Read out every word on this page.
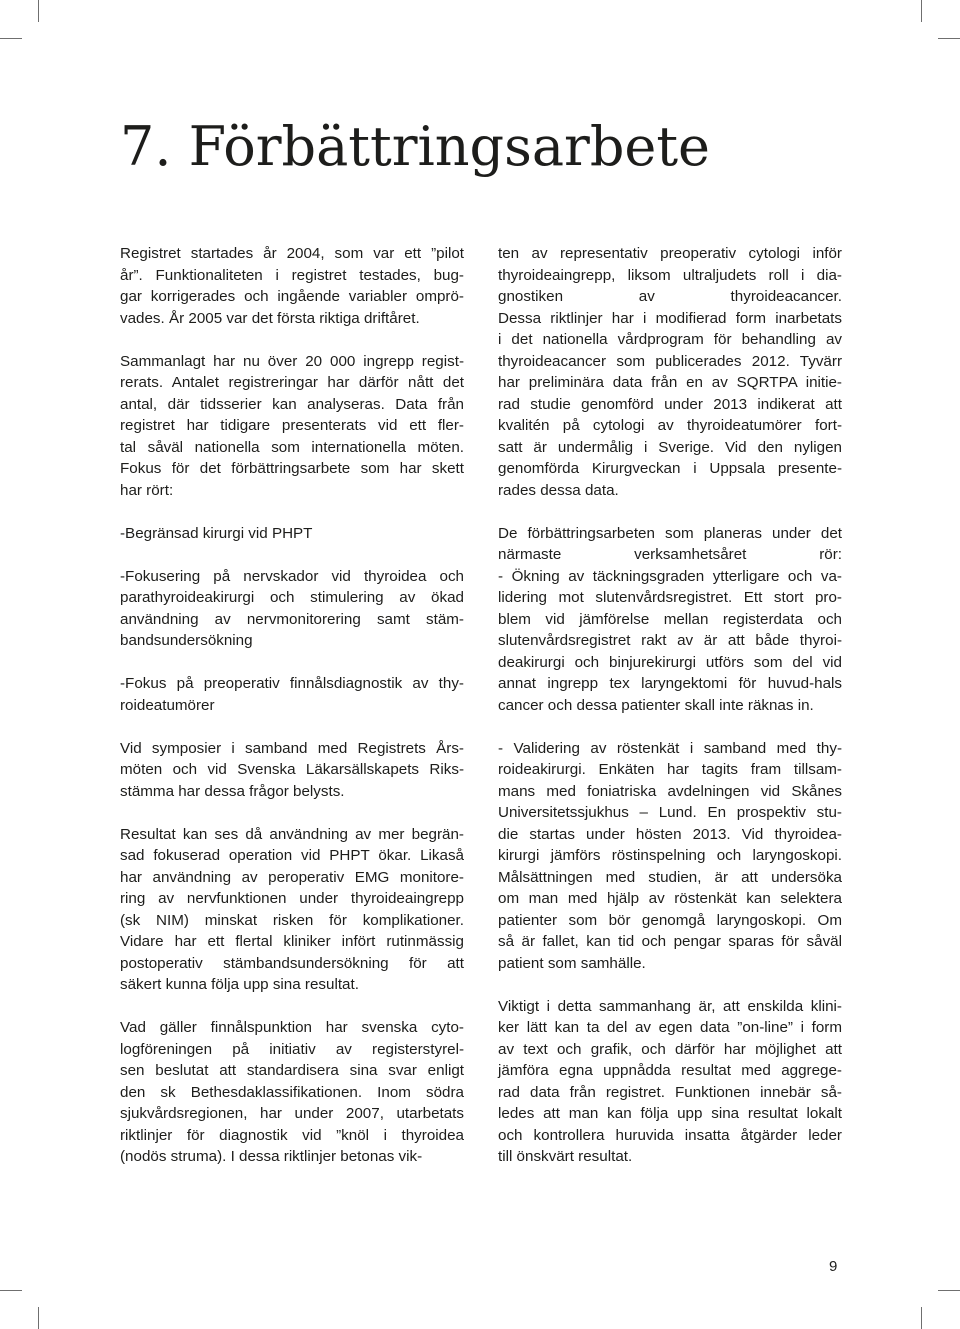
7. Förbättringsarbete

Registret startades år 2004, som var ett ”pilot
år”. Funktionaliteten i registret testades, bug-
gar korrigerades och ingående variabler omprö-
vades. År 2005 var det första riktiga driftåret.

Sammanlagt har nu över 20 000 ingrepp regist-
rerats. Antalet registreringar har därför nått det
antal, där tidsserier kan analyseras. Data från
registret har tidigare presenterats vid ett fler-
tal såväl nationella som internationella möten.
Fokus för det förbättringsarbete som har skett
har rört:

-Begränsad kirurgi vid PHPT

-Fokusering på nervskador vid thyroidea och
parathyroideakirurgi och stimulering av ökad
användning av nervmonitorering samt stäm-
bandsundersökning

-Fokus på preoperativ finnålsdiagnostik av thy-
roideatumörer

Vid symposier i samband med Registrets Års-
möten och vid Svenska Läkarsällskapets Riks-
stämma har dessa frågor belysts.

Resultat kan ses då användning av mer begrän-
sad fokuserad operation vid PHPT ökar. Likaså
har användning av peroperativ EMG monitore-
ring av nervfunktionen under thyroideaingrepp
(sk NIM) minskat risken för komplikationer.
Vidare har ett flertal kliniker infört rutinmässig
postoperativ stämbandsundersökning för att
säkert kunna följa upp sina resultat.

Vad gäller finnålspunktion har svenska cyto-
logföreningen på initiativ av registerstyrel-
sen beslutat att standardisera sina svar enligt
den sk Bethesdaklassifikationen. Inom södra
sjukvårdsregionen, har under 2007, utarbetats
riktlinjer för diagnostik vid ”knöl i thyroidea
(nodös struma). I dessa riktlinjer betonas vik-

ten av representativ preoperativ cytologi inför
thyroideaingrepp, liksom ultraljudets roll i dia-
gnostiken av thyroideacancer.
Dessa riktlinjer har i modifierad form inarbetats
i det nationella vårdprogram för behandling av
thyroideacancer som publicerades 2012. Tyvärr
har preliminära data från en av SQRTPA initie-
rad studie genomförd under 2013 indikerat att
kvalitén på cytologi av thyroideatumörer fort-
satt är undermålig i Sverige. Vid den nyligen
genomförda Kirurgveckan i Uppsala presente-
rades dessa data.

De förbättringsarbeten som planeras under det
närmaste verksamhetsåret rör:
- Ökning av täckningsgraden ytterligare och va-
lidering mot slutenvårdsregistret. Ett stort pro-
blem vid jämförelse mellan registerdata och
slutenvårdsregistret rakt av är att både thyroi-
deakirurgi och binjurekirurgi utförs som del vid
annat ingrepp tex laryngektomi för huvud-hals
cancer och dessa patienter skall inte räknas in.

- Validering av röstenkät i samband med thy-
roideakirurgi. Enkäten har tagits fram tillsam-
mans med foniatriska avdelningen vid Skånes
Universitetssjukhus – Lund. En prospektiv stu-
die startas under hösten 2013. Vid thyroidea-
kirurgi jämförs röstinspelning och laryngoskopi.
Målsättningen med studien, är att undersöka
om man med hjälp av röstenkät kan selektera
patienter som bör genomgå laryngoskopi. Om
så är fallet, kan tid och pengar sparas för såväl
patient som samhälle.

Viktigt i detta sammanhang är, att enskilda klini-
ker lätt kan ta del av egen data ”on-line” i form
av text och grafik, och därför har möjlighet att
jämföra egna uppnådda resultat med aggrege-
rad data från registret. Funktionen innebär så-
ledes att man kan följa upp sina resultat lokalt
och kontrollera huruvida insatta åtgärder leder
till önskvärt resultat.

9
